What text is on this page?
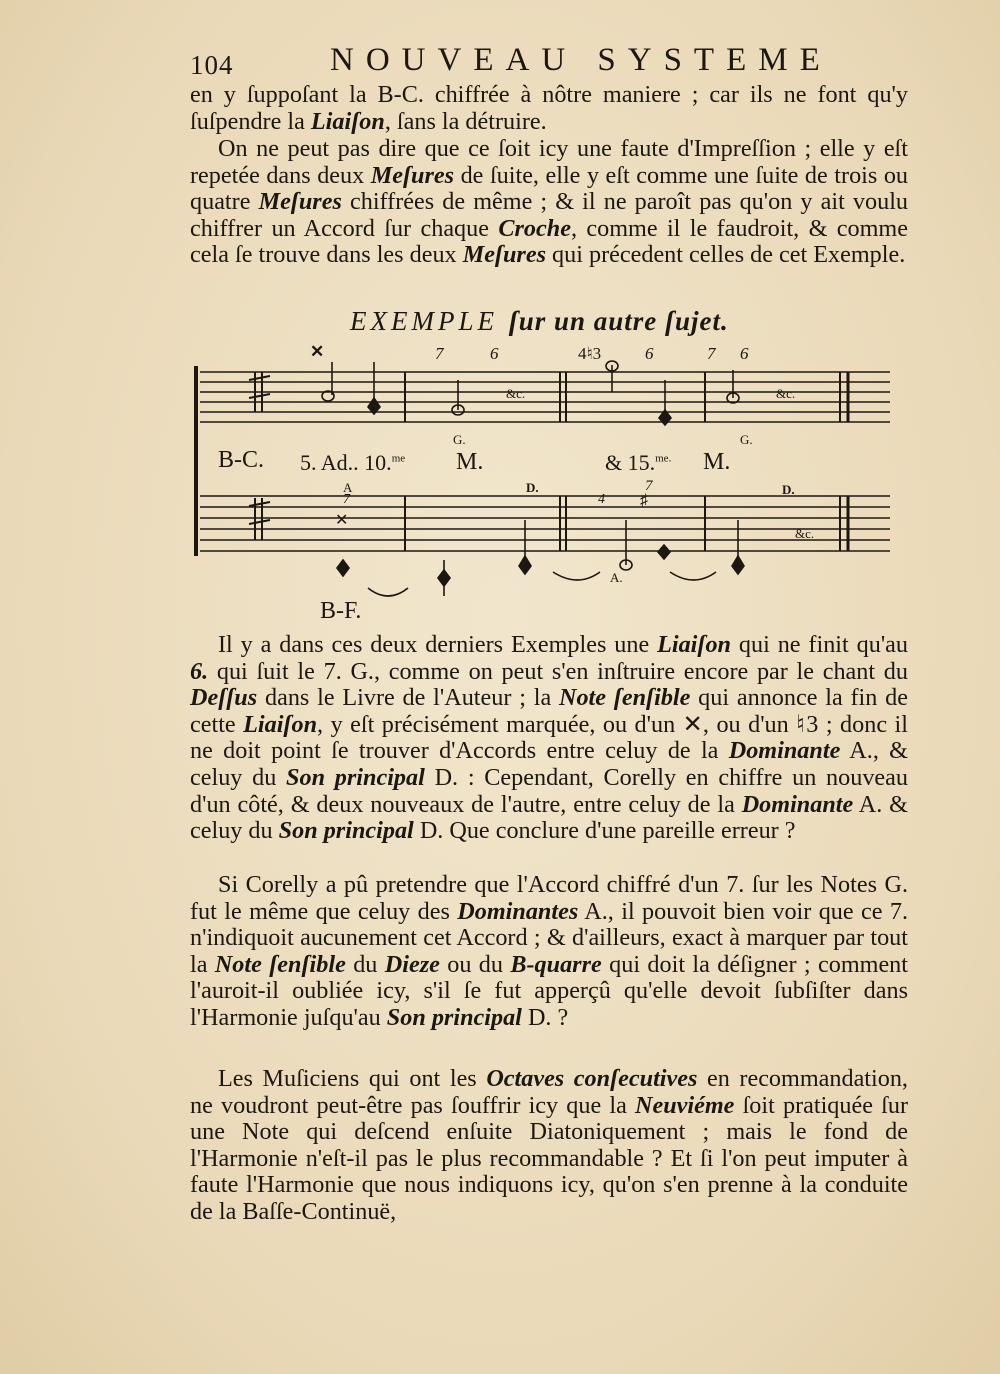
104	NOUVEAU SYSTEME

en y ſuppoſant la B-C. chiffrée à nôtre maniere ; car ils ne font qu'y ſuſpendre la Liaiſon, ſans la détruire.

On ne peut pas dire que ce ſoit icy une faute d'Impreſſion ; elle y eſt repetée dans deux Meſures de ſuite, elle y eſt comme une ſuite de trois ou quatre Meſures chiffrées de même ; & il ne paroît pas qu'on y ait voulu chiffrer un Accord ſur chaque Croche, comme il le faudroit, & comme cela ſe trouve dans les deux Meſures qui précedent celles de cet Exemple.

EXEMPLE ſur un autre ſujet.
✕	7	6	4♮3	6	7 6
&c.	&c.
G.	G.
B-C. 5. Ad.. 10.$^{me}$ M.	& 15.$^{me.}$ M.
A
7
✕
D.	7
4 ♯
D.
&c.
A.
B-F.

Il y a dans ces deux derniers Exemples une Liaiſon qui ne finit qu'au 6. qui ſuit le 7. G., comme on peut s'en inſtruire encore par le chant du Deſſus dans le Livre de l'Auteur ; la Note ſenſible qui annonce la fin de cette Liaiſon, y eſt précisément marquée, ou d'un ✕, ou d'un ♮3 ; donc il ne doit point ſe trouver d'Accords entre celuy de la Dominante A., & celuy du Son principal D. : Cependant, Corelly en chiffre un nouveau d'un côté, & deux nouveaux de l'autre, entre celuy de la Dominante A. & celuy du Son principal D. Que conclure d'une pareille erreur ?

Si Corelly a pû pretendre que l'Accord chiffré d'un 7. ſur les Notes G. fut le même que celuy des Dominantes A., il pouvoit bien voir que ce 7. n'indiquoit aucunement cet Accord ; & d'ailleurs, exact à marquer par tout la Note ſenſible du Dieze ou du B-quarre qui doit la déſigner ; comment l'auroit-il oubliée icy, s'il ſe fut apperçû qu'elle devoit ſubſiſter dans l'Harmonie juſqu'au Son principal D. ?

Les Muſiciens qui ont les Octaves conſecutives en recommandation, ne voudront peut-être pas ſouffrir icy que la Neuviéme ſoit pratiquée ſur une Note qui deſcend enſuite Diatoniquement ; mais le fond de l'Harmonie n'eſt-il pas le plus recommandable ? Et ſi l'on peut imputer à faute l'Harmonie que nous indiquons icy, qu'on s'en prenne à la conduite de la Baſſe-Continuë,
